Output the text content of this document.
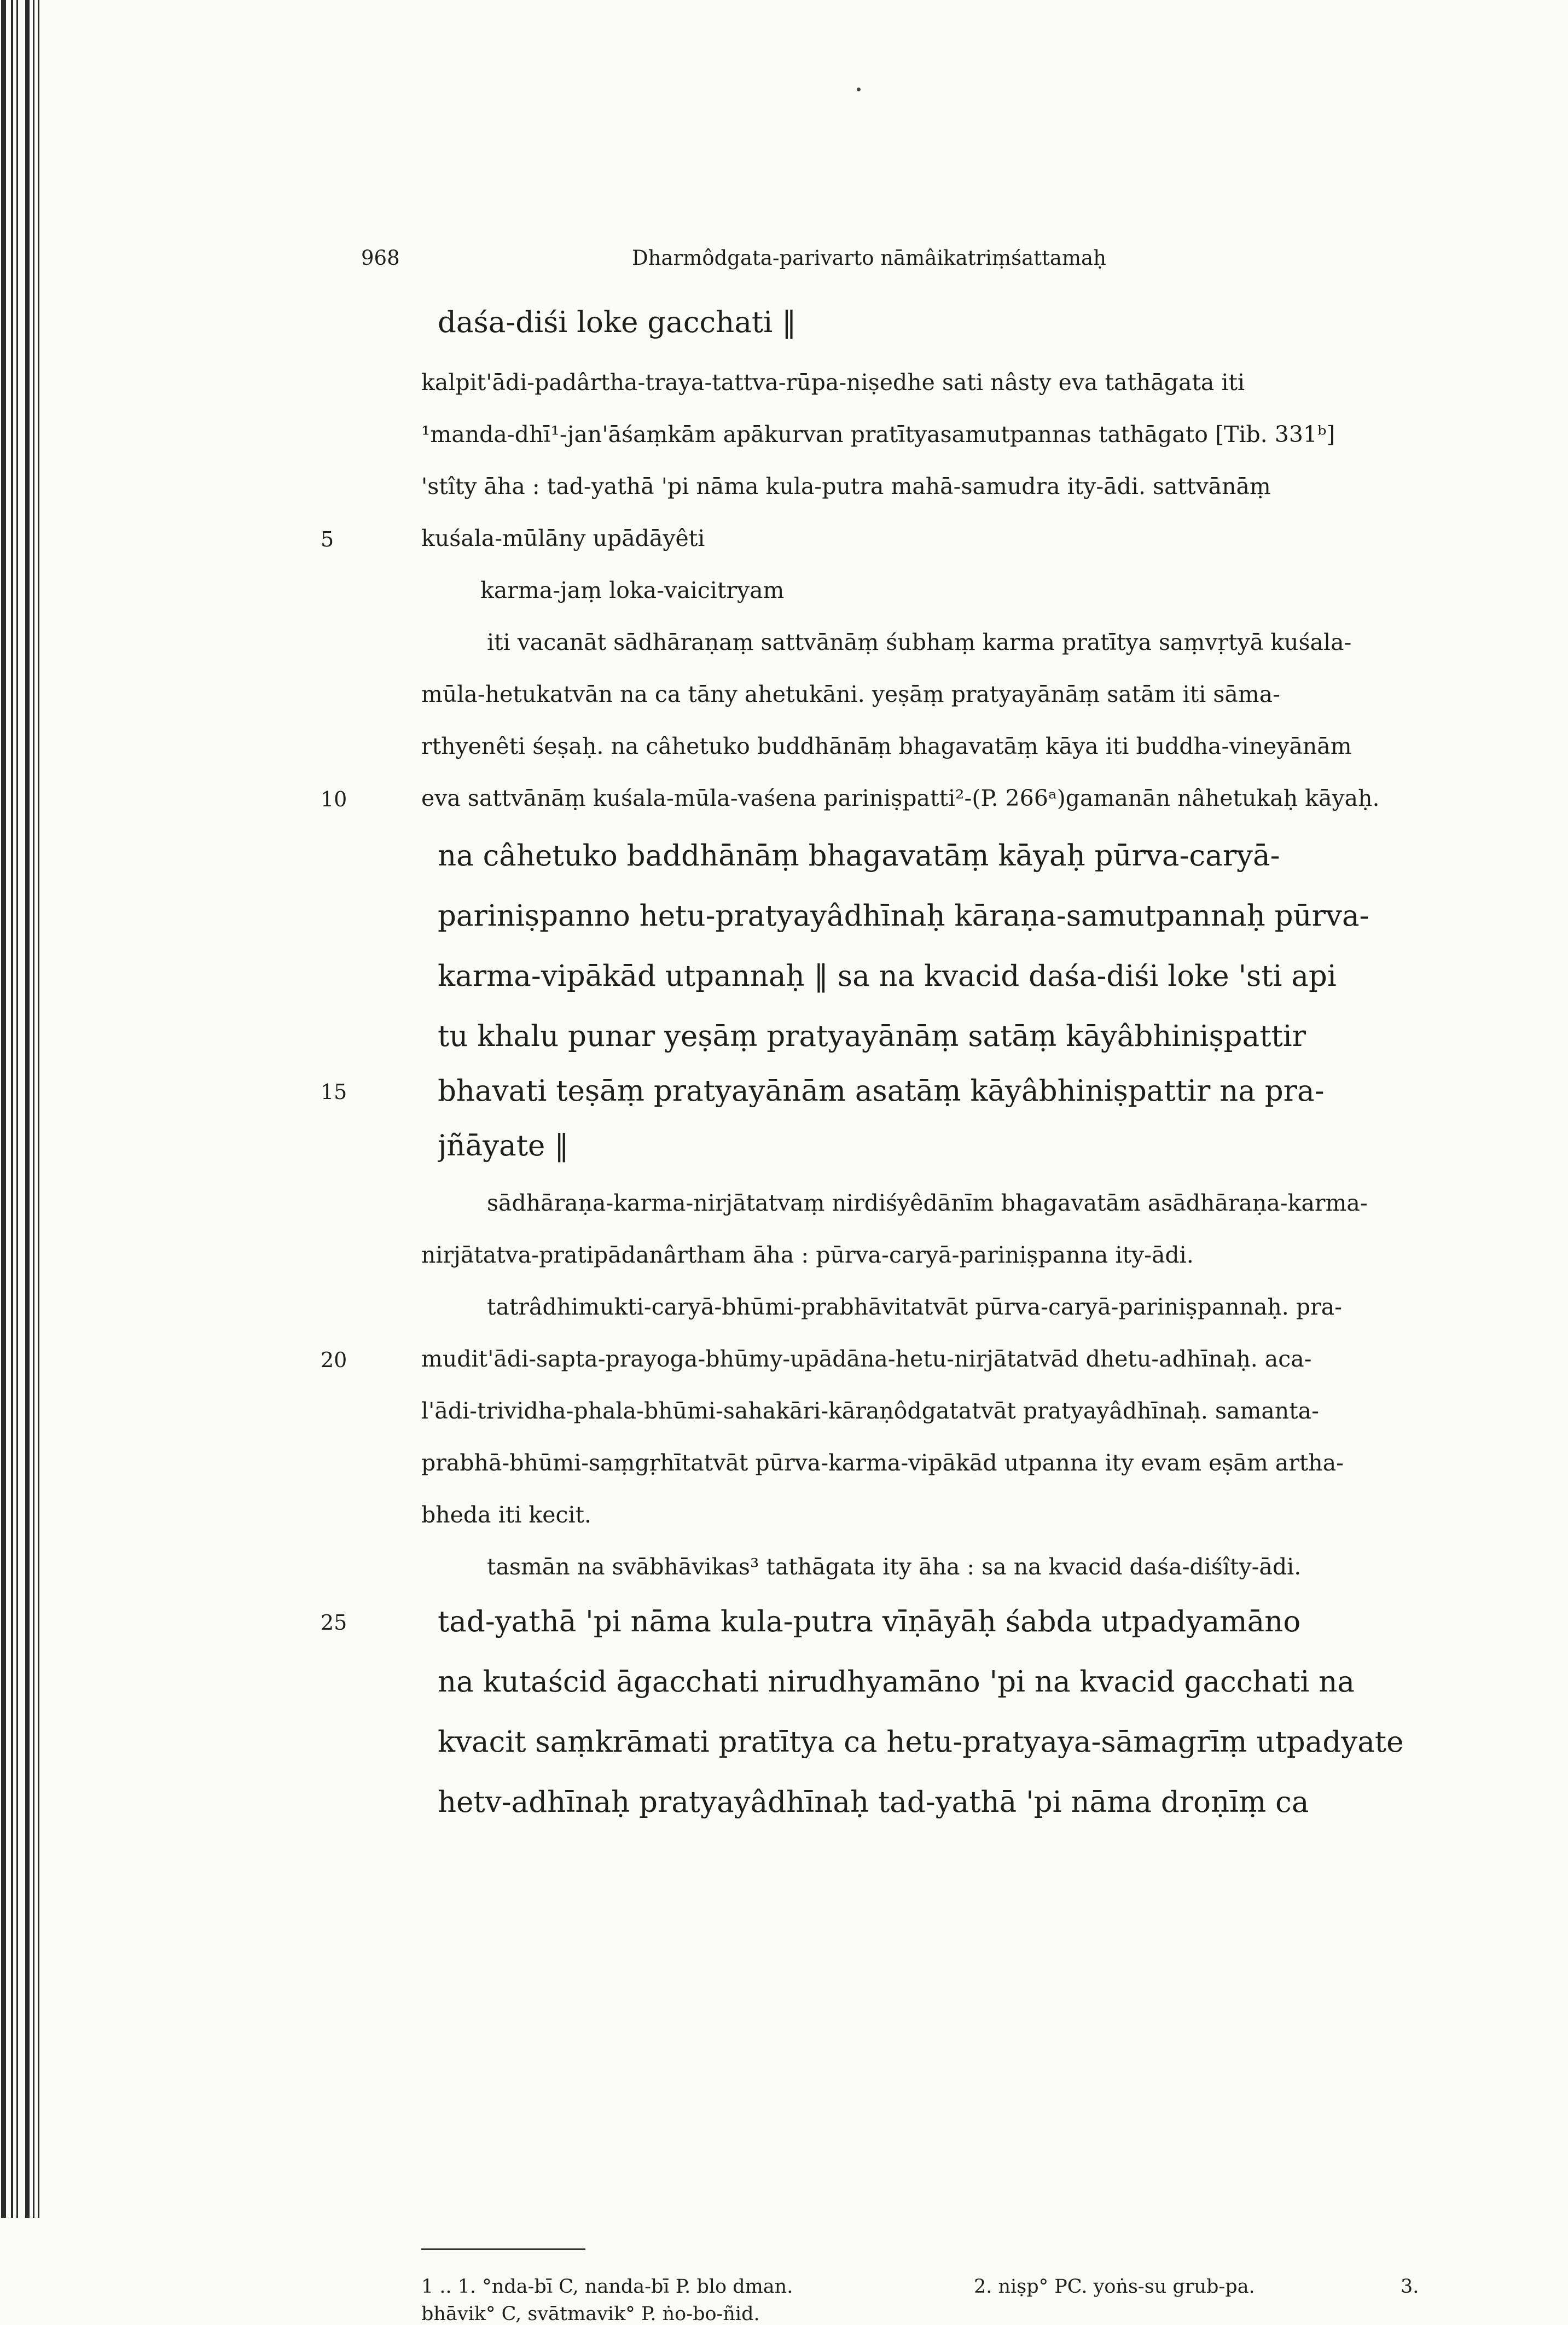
968	Dharmôdgata-parivarto nāmâikatriṃśattamaḥ
daśa-diśi loke gacchati ‖
kalpit'ādi-padârtha-traya-tattva-rūpa-niṣedhe sati nâsty eva tathāgata iti
¹manda-dhī¹-jan'āśaṃkām apākurvan pratītyasamutpannas tathāgato [Tib. 331ᵇ]
'stîty āha : tad-yathā 'pi nāma kula-putra mahā-samudra ity-ādi. sattvānāṃ
5	kuśala-mūlāny upādāyêti
karma-jaṃ loka-vaicitryam
iti vacanāt sādhāraṇaṃ sattvānāṃ śubhaṃ karma pratītya saṃvṛtyā kuśala-
mūla-hetukatvān na ca tāny ahetukāni. yeṣāṃ pratyayānāṃ satām iti sāma-
rthyenêti śeṣaḥ. na câhetuko buddhānāṃ bhagavatāṃ kāya iti buddha-vineyānām
10	eva sattvānāṃ kuśala-mūla-vaśena pariniṣpatti²-(P. 266ᵃ)gamanān nâhetukaḥ kāyaḥ.
na câhetuko baddhānāṃ bhagavatāṃ kāyaḥ pūrva-caryā-
pariniṣpanno hetu-pratyayâdhīnaḥ kāraṇa-samutpannaḥ pūrva-
karma-vipākād utpannaḥ ‖ sa na kvacid daśa-diśi loke 'sti api
tu khalu punar yeṣāṃ pratyayānāṃ satāṃ kāyâbhiniṣpattir
15	bhavati teṣāṃ pratyayānām asatāṃ kāyâbhiniṣpattir na pra-
jñāyate ‖
sādhāraṇa-karma-nirjātatvaṃ nirdiśyêdānīm bhagavatām asādhāraṇa-karma-
nirjātatva-pratipādanârtham āha : pūrva-caryā-pariniṣpanna ity-ādi.
tatrâdhimukti-caryā-bhūmi-prabhāvitatvāt pūrva-caryā-pariniṣpannaḥ. pra-
20	mudit'ādi-sapta-prayoga-bhūmy-upādāna-hetu-nirjātatvād dhetu-adhīnaḥ. aca-
l'ādi-trividha-phala-bhūmi-sahakāri-kāraṇôdgatatvāt pratyayâdhīnaḥ. samanta-
prabhā-bhūmi-saṃgṛhītatvāt pūrva-karma-vipākād utpanna ity evam eṣām artha-
bheda iti kecit.
tasmān na svābhāvikas³ tathāgata ity āha : sa na kvacid daśa-diśîty-ādi.
25	tad-yathā 'pi nāma kula-putra vīṇāyāḥ śabda utpadyamāno
na kutaścid āgacchati nirudhyamāno 'pi na kvacid gacchati na
kvacit saṃkrāmati pratītya ca hetu-pratyaya-sāmagrīṃ utpadyate
hetv-adhīnaḥ pratyayâdhīnaḥ tad-yathā 'pi nāma droṇīṃ ca
1 .. 1. °nda-bī C, nanda-bī P. blo dman.	2. niṣp° PC. yoṅs-su grub-pa.	3.
bhāvik° C, svātmavik° P. ṅo-bo-ñid.
